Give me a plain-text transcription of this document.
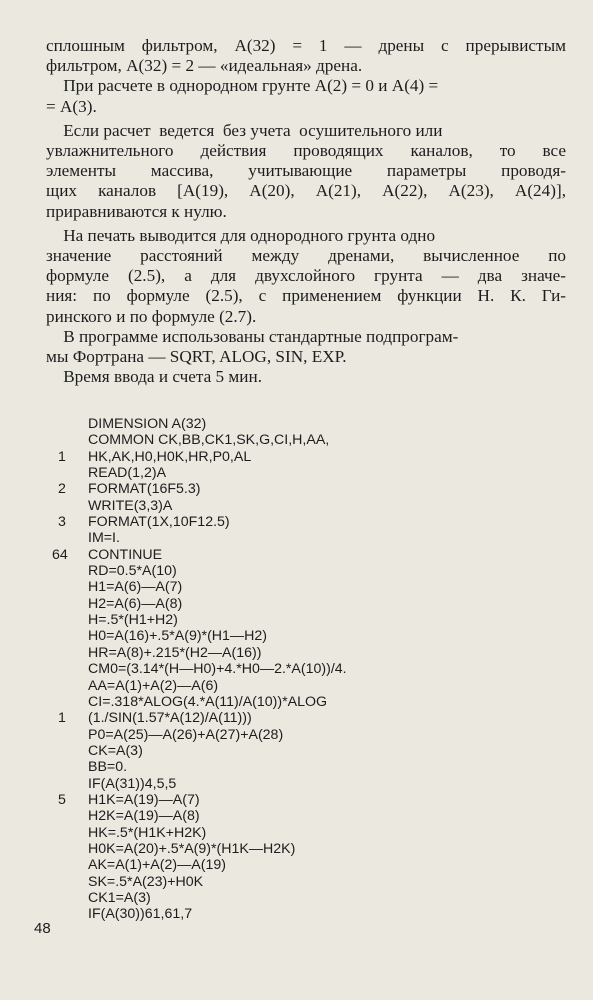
сплошным фильтром, А(32) = 1 — дрены с прерывистым
фильтром, А(32) = 2 — «идеальная» дрена.
При расчете в однородном грунте А(2) = 0 и А(4) =
= А(3).
Если расчет  ведется  без учета  осушительного или
увлажнительного действия проводящих каналов, то все
элементы массива, учитывающие параметры проводя-
щих каналов [А(19), А(20), А(21), А(22), А(23), А(24)],
приравниваются к нулю.
На печать выводится для однородного грунта одно
значение расстояний между дренами, вычисленное по
формуле (2.5), а для двухслойного грунта — два значе-
ния: по формуле (2.5), с применением функции Н. К. Ги-
ринского и по формуле (2.7).
В программе использованы стандартные подпрограм-
мы Фортрана — SQRT, ALOG, SIN, EXP.
Время ввода и счета 5 мин.
DIMENSION A(32)
COMMON CK,BB,CK1,SK,G,CI,H,AA,
1	HK,AK,H0,H0K,HR,P0,AL
READ(1,2)A
2	FORMAT(16F5.3)
WRITE(3,3)A
3	FORMAT(1X,10F12.5)
IM=I.
64	CONTINUE
RD=0.5*A(10)
H1=A(6)—A(7)
H2=A(6)—A(8)
H=.5*(H1+H2)
H0=A(16)+.5*A(9)*(H1—H2)
HR=A(8)+.215*(H2—A(16))
CM0=(3.14*(H—H0)+4.*H0—2.*A(10))/4.
AA=A(1)+A(2)—A(6)
CI=.318*ALOG(4.*A(11)/A(10))*ALOG
1	(1./SIN(1.57*A(12)/A(11)))
P0=A(25)—A(26)+A(27)+A(28)
CK=A(3)
BB=0.
IF(A(31))4,5,5
5	H1K=A(19)—A(7)
H2K=A(19)—A(8)
HK=.5*(H1K+H2K)
H0K=A(20)+.5*A(9)*(H1K—H2K)
AK=A(1)+A(2)—A(19)
SK=.5*A(23)+H0K
CK1=A(3)
IF(A(30))61,61,7
48
